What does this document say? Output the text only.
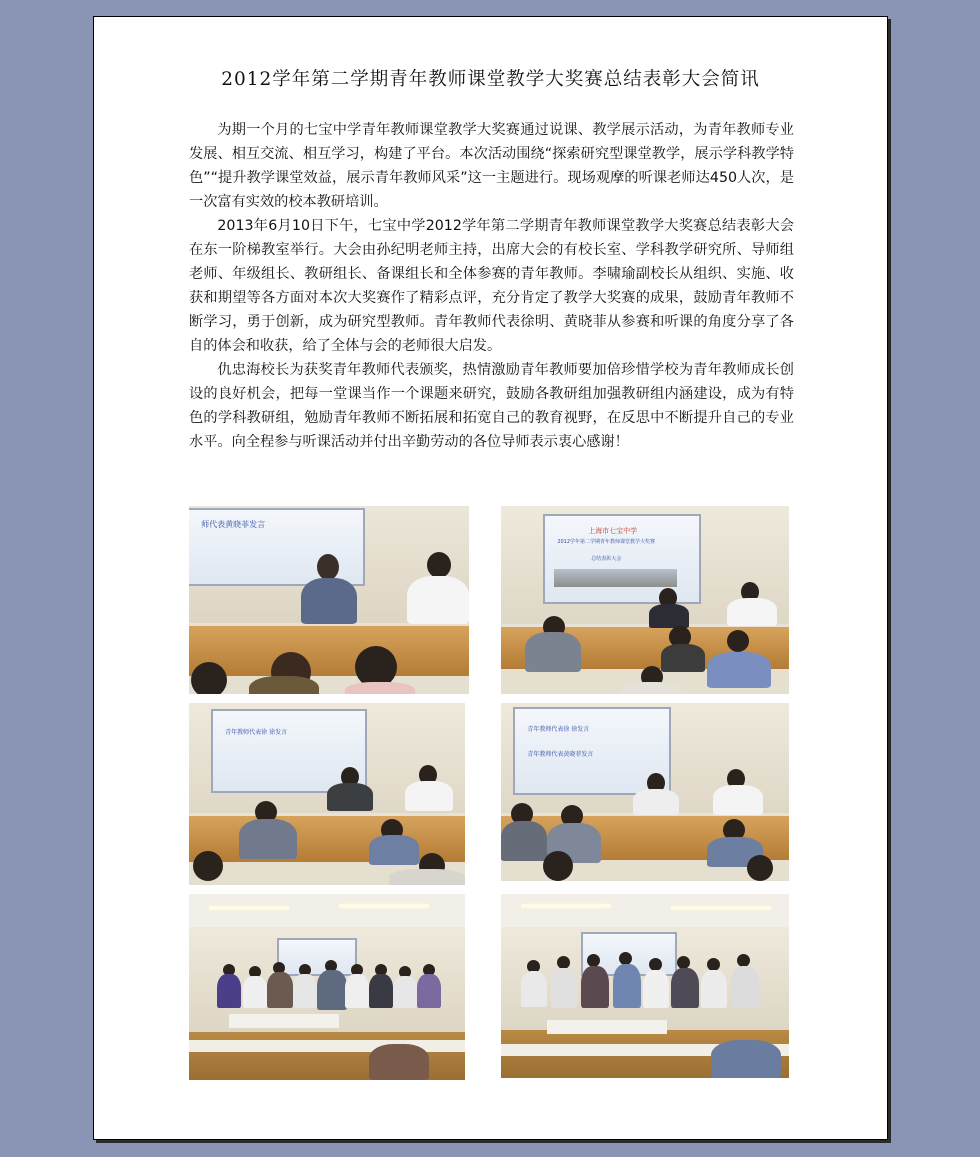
2012学年第二学期青年教师课堂教学大奖赛总结表彰大会简讯

为期一个月的七宝中学青年教师课堂教学大奖赛通过说课、教学展示活动，为青年教师专业发展、相互交流、相互学习，构建了平台。本次活动围绕“探索研究型课堂教学，展示学科教学特色”“提升教学课堂效益，展示青年教师风采”这一主题进行。现场观摩的听课老师达450人次，是一次富有实效的校本教研培训。

2013年6月10日下午，七宝中学2012学年第二学期青年教师课堂教学大奖赛总结表彰大会在东一阶梯教室举行。大会由孙纪明老师主持，出席大会的有校长室、学科教学研究所、导师组老师、年级组长、教研组长、备课组长和全体参赛的青年教师。李啸瑜副校长从组织、实施、收获和期望等各方面对本次大奖赛作了精彩点评，充分肯定了教学大奖赛的成果，鼓励青年教师不断学习，勇于创新，成为研究型教师。青年教师代表徐明、黄晓菲从参赛和听课的角度分享了各自的体会和收获，给了全体与会的老师很大启发。

仇忠海校长为获奖青年教师代表颁奖，热情激励青年教师要加倍珍惜学校为青年教师成长创设的良好机会，把每一堂课当作一个课题来研究，鼓励各教研组加强教研组内涵建设，成为有特色的学科教研组，勉励青年教师不断拓展和拓宽自己的教育视野，在反思中不断提升自己的专业水平。向全程参与听课活动并付出辛勤劳动的各位导师表示衷心感谢！

师代表黄晓菲发言
上海市七宝中学
2012学年第二学期青年教师课堂教学大奖赛
总结表彰大会
青年教师代表徐 徐发言	青年教师代表徐 徐发言
青年教师代表黄晓菲发言
